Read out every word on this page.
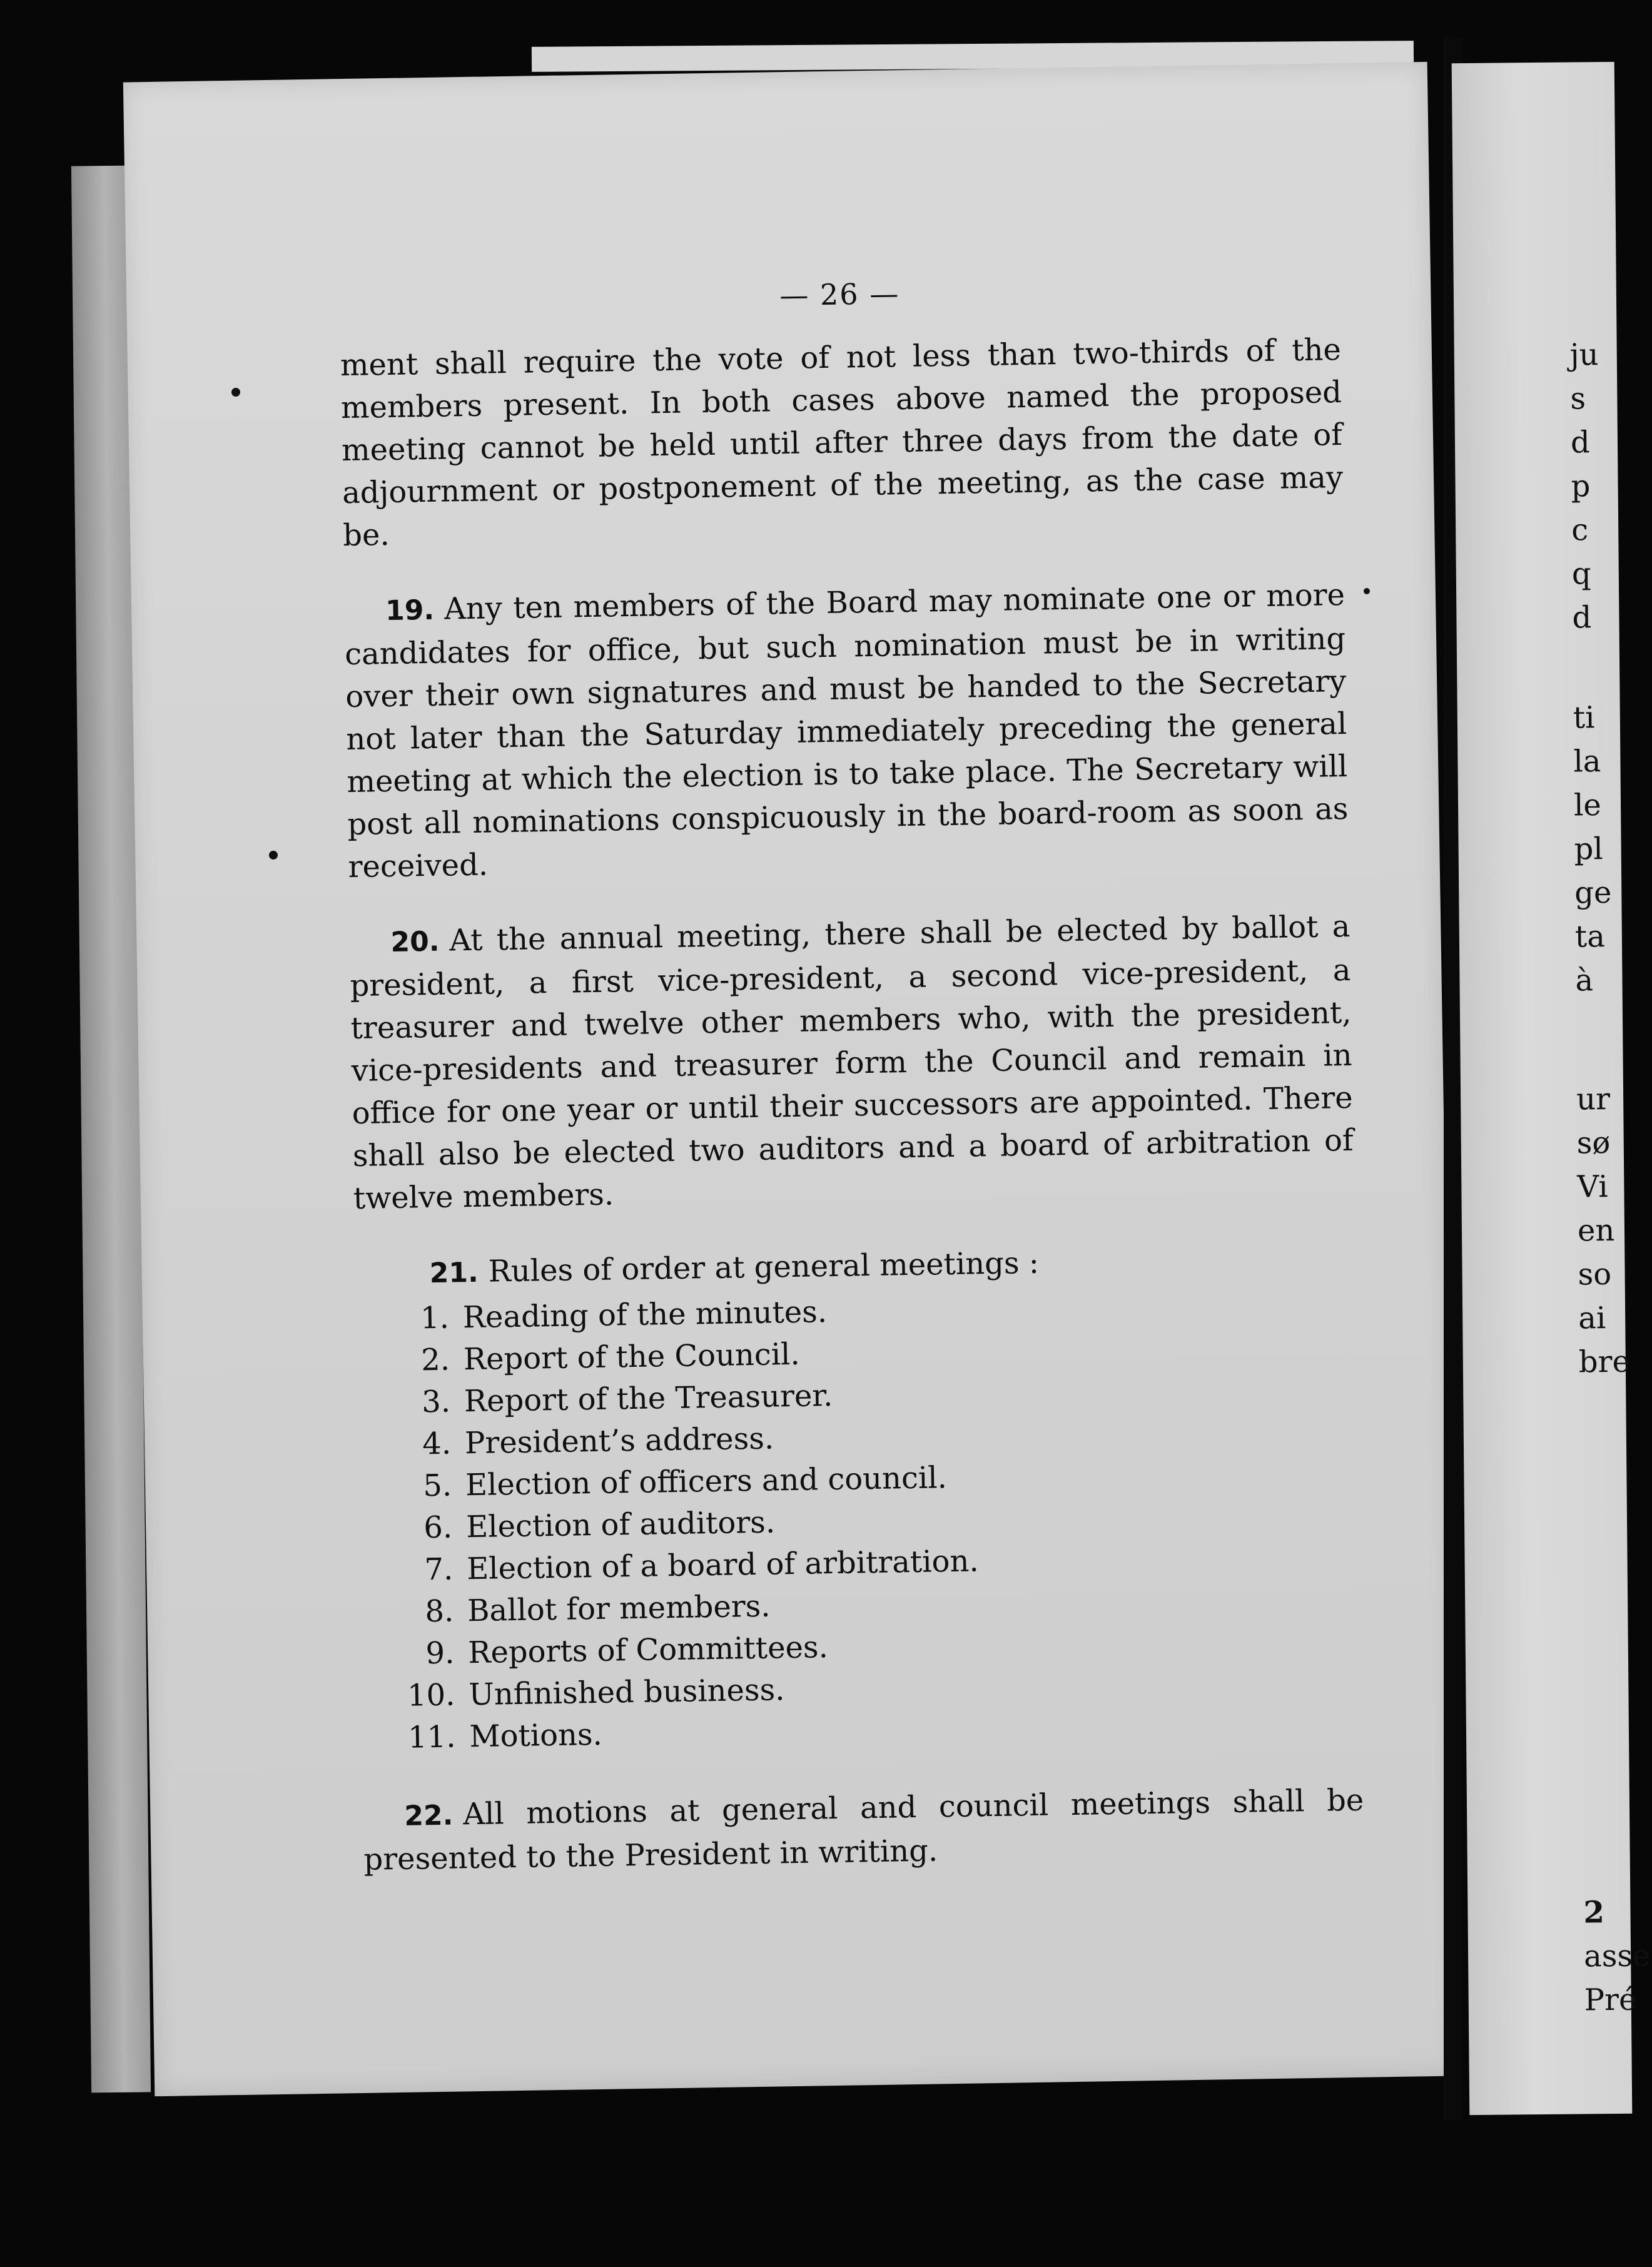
— 26 —

ment shall require the vote of not less than two-thirds of the members present. In both cases above named the proposed meeting cannot be held until after three days from the date of adjournment or postponement of the meeting, as the case may be.

19. Any ten members of the Board may nominate one or more candidates for office, but such nomination must be in writing over their own signatures and must be handed to the Secretary not later than the Saturday immediately preceding the general meeting at which the election is to take place. The Secretary will post all nominations conspicuously in the board-room as soon as received.

20. At the annual meeting, there shall be elected by ballot a president, a first vice-president, a second vice-president, a treasurer and twelve other members who, with the president, vice-presidents and treasurer form the Council and remain in office for one year or until their successors are appointed. There shall also be elected two auditors and a board of arbitration of twelve members.

21. Rules of order at general meetings :
1. Reading of the minutes.
2. Report of the Council.
3. Report of the Treasurer.
4. President’s address.
5. Election of officers and council.
6. Election of auditors.
7. Election of a board of arbitration.
8. Ballot for members.
9. Reports of Committees.
10. Unfinished business.
11. Motions.

22. All motions at general and council meetings shall be presented to the President in writing.

ju
s
d
p
c
q
d
ti
la
le
pl
ge
ta
à
ur
sø
Vi
en
so
ai
bre
2
asse
Pré
